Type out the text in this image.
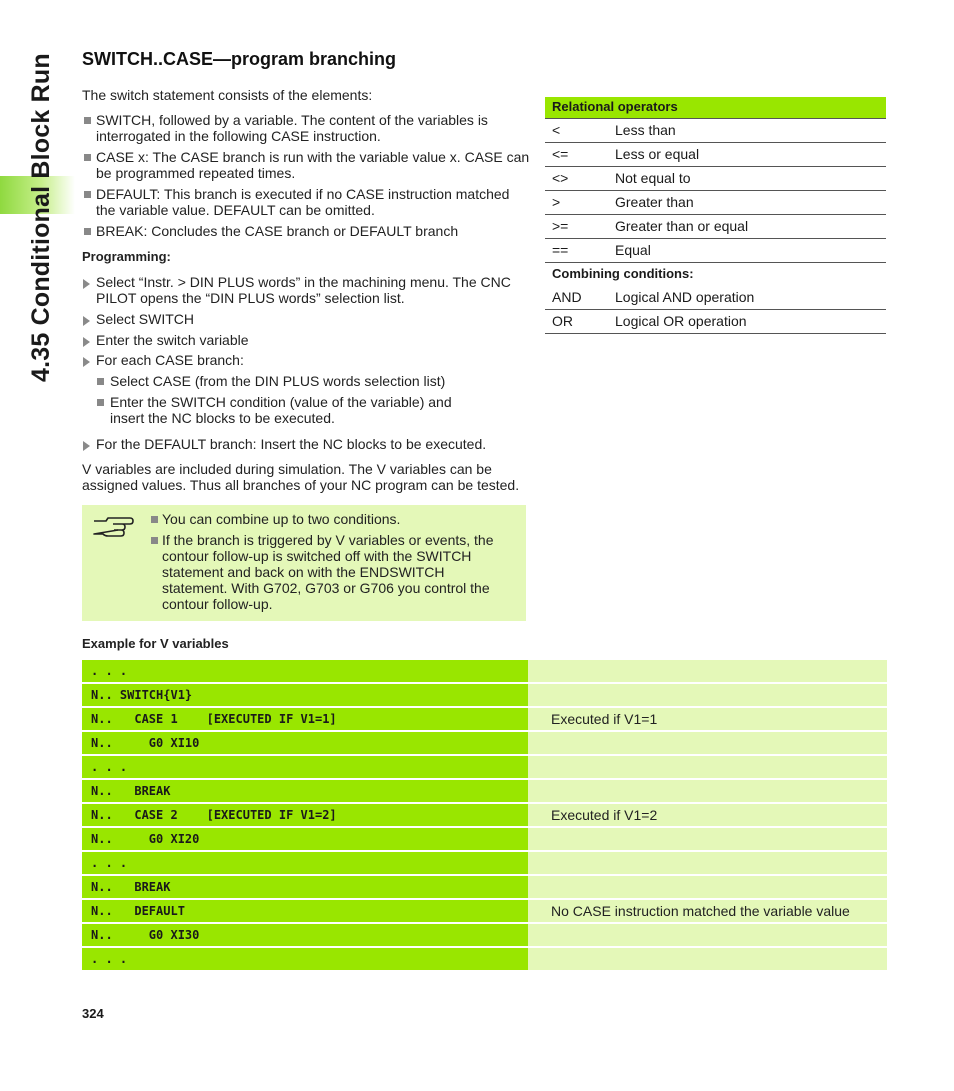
4.35 Conditional Block Run SWITCH..CASE—program branching
The switch statement consists of the elements:
SWITCH, followed by a variable. The content of the variables is
interrogated in the following CASE instruction.
CASE x: The CASE branch is run with the variable value x. CASE can
be programmed repeated times.
DEFAULT: This branch is executed if no CASE instruction matched
the variable value. DEFAULT can be omitted.
BREAK: Concludes the CASE branch or DEFAULT branch
Programming:
Select “Instr. > DIN PLUS words” in the machining menu. The CNC
PILOT opens the “DIN PLUS words” selection list.
Select SWITCH
Enter the switch variable
For each CASE branch:
Select CASE (from the DIN PLUS words selection list)
Enter the SWITCH condition (value of the variable) and
insert the NC blocks to be executed.
For the DEFAULT branch: Insert the NC blocks to be executed.
V variables are included during simulation. The V variables can be
assigned values. Thus all branches of your NC program can be tested.
You can combine up to two conditions.
If the branch is triggered by V variables or events, the
contour follow-up is switched off with the SWITCH
statement and back on with the ENDSWITCH
statement. With G702, G703 or G706 you control the
contour follow-up.
Relational operators
<	Less than
<=	Less or equal
<>	Not equal to
>	Greater than
>=	Greater than or equal
==	Equal
Combining conditions:
AND Logical AND operation
OR	Logical OR operation
Example for V variables
. . .
N.. SWITCH{V1}
N..   CASE 1    [EXECUTED IF V1=1]	Executed if V1=1
N..     G0 XI10
. . .
N..   BREAK
N..   CASE 2    [EXECUTED IF V1=2]	Executed if V1=2
N..     G0 XI20
. . .
N..   BREAK
N..   DEFAULT	No CASE instruction matched the variable value
N..     G0 XI30
. . .
324
